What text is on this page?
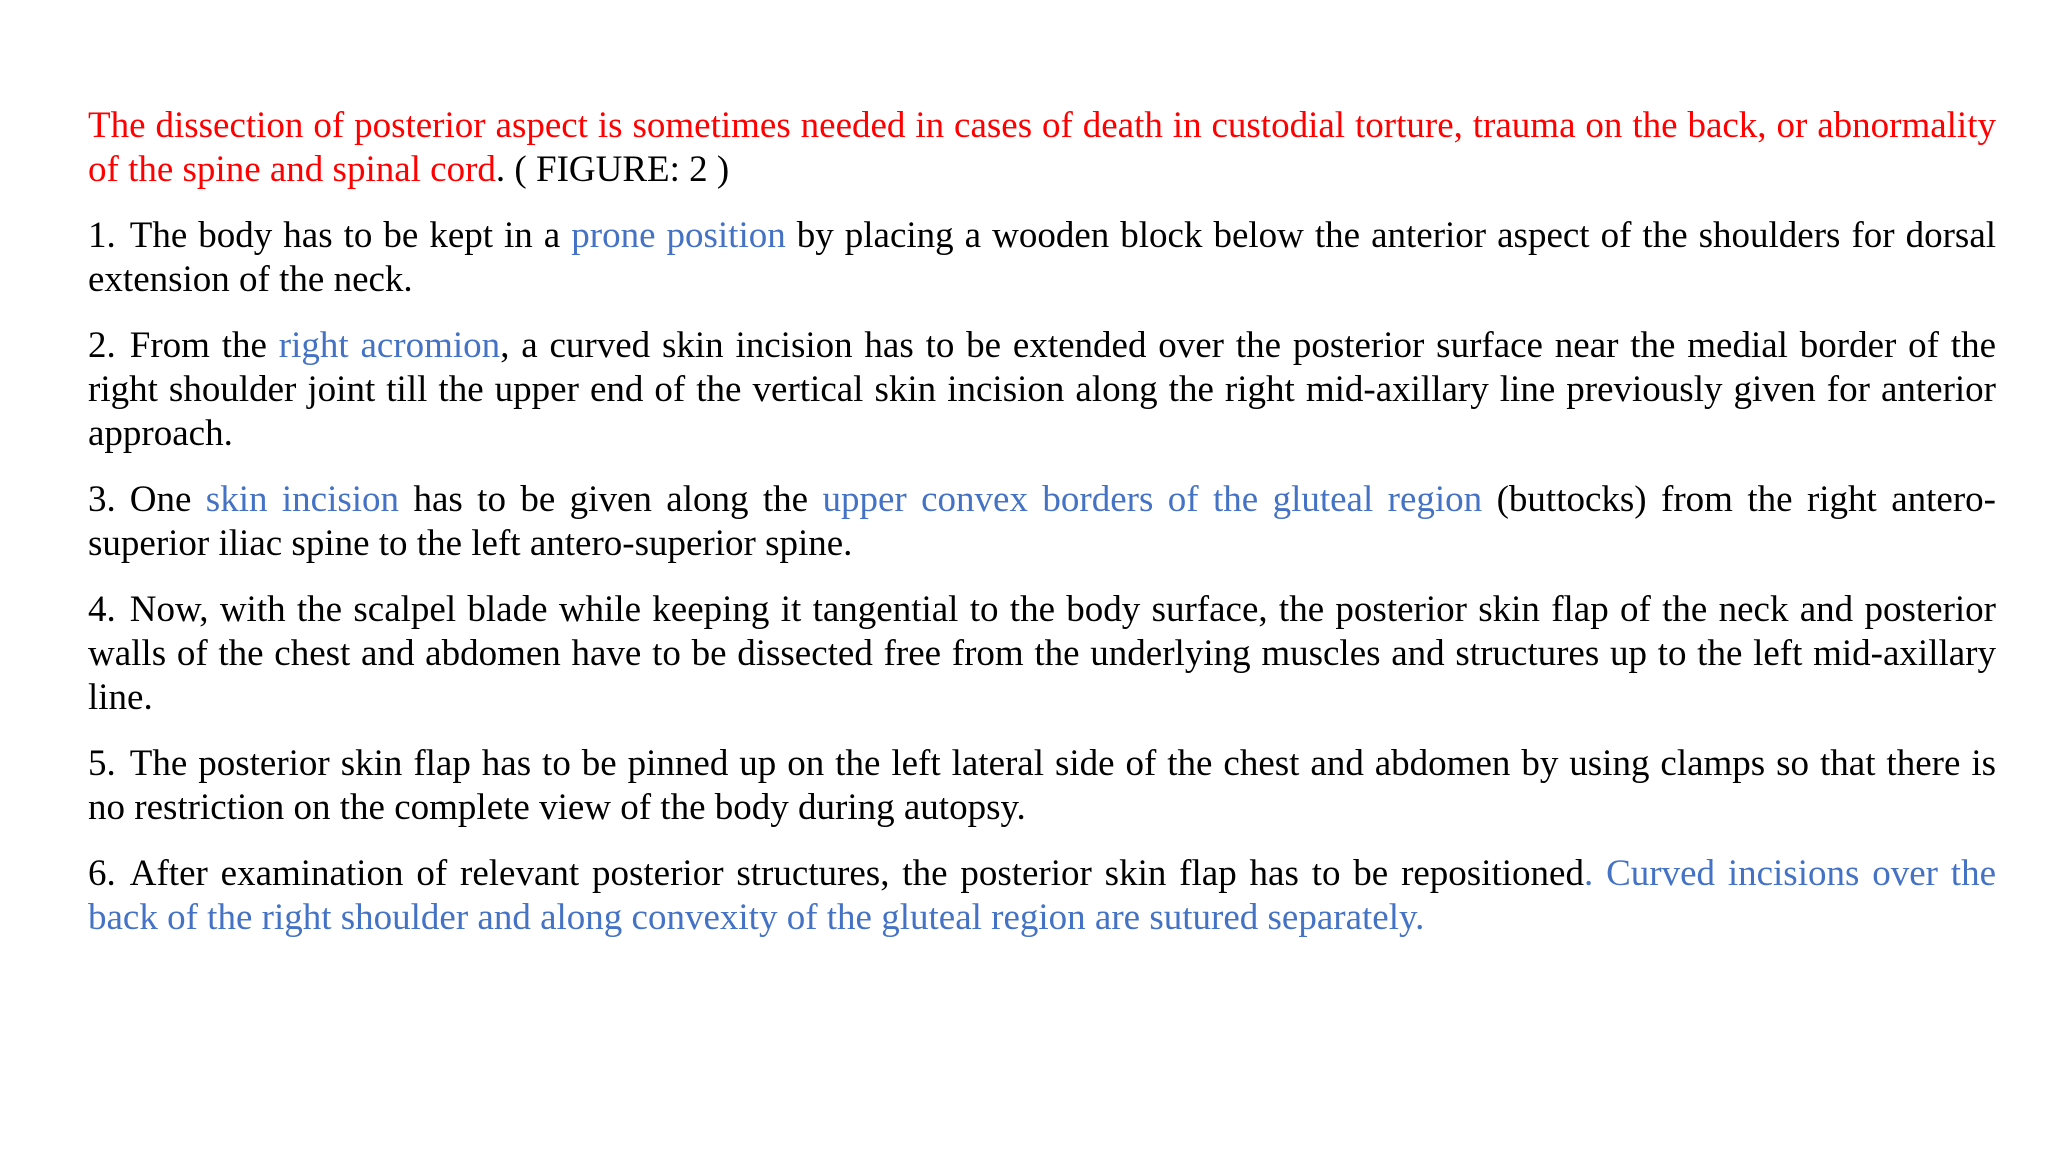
The dissection of posterior aspect is sometimes needed in cases of death in custodial torture, trauma on the back, or abnormality of the spine and spinal cord. ( FIGURE: 2 )

1. The body has to be kept in a prone position by placing a wooden block below the anterior aspect of the shoulders for dorsal extension of the neck.

2. From the right acromion, a curved skin incision has to be extended over the posterior surface near the medial border of the right shoulder joint till the upper end of the vertical skin incision along the right mid-axillary line previously given for anterior approach.

3. One skin incision has to be given along the upper convex borders of the gluteal region (buttocks) from the right antero-superior iliac spine to the left antero-superior spine.

4. Now, with the scalpel blade while keeping it tangential to the body surface, the posterior skin flap of the neck and posterior walls of the chest and abdomen have to be dissected free from the underlying muscles and structures up to the left mid-axillary line.

5. The posterior skin flap has to be pinned up on the left lateral side of the chest and abdomen by using clamps so that there is no restriction on the complete view of the body during autopsy.

6. After examination of relevant posterior structures, the posterior skin flap has to be repositioned. Curved incisions over the back of the right shoulder and along convexity of the gluteal region are sutured separately.
